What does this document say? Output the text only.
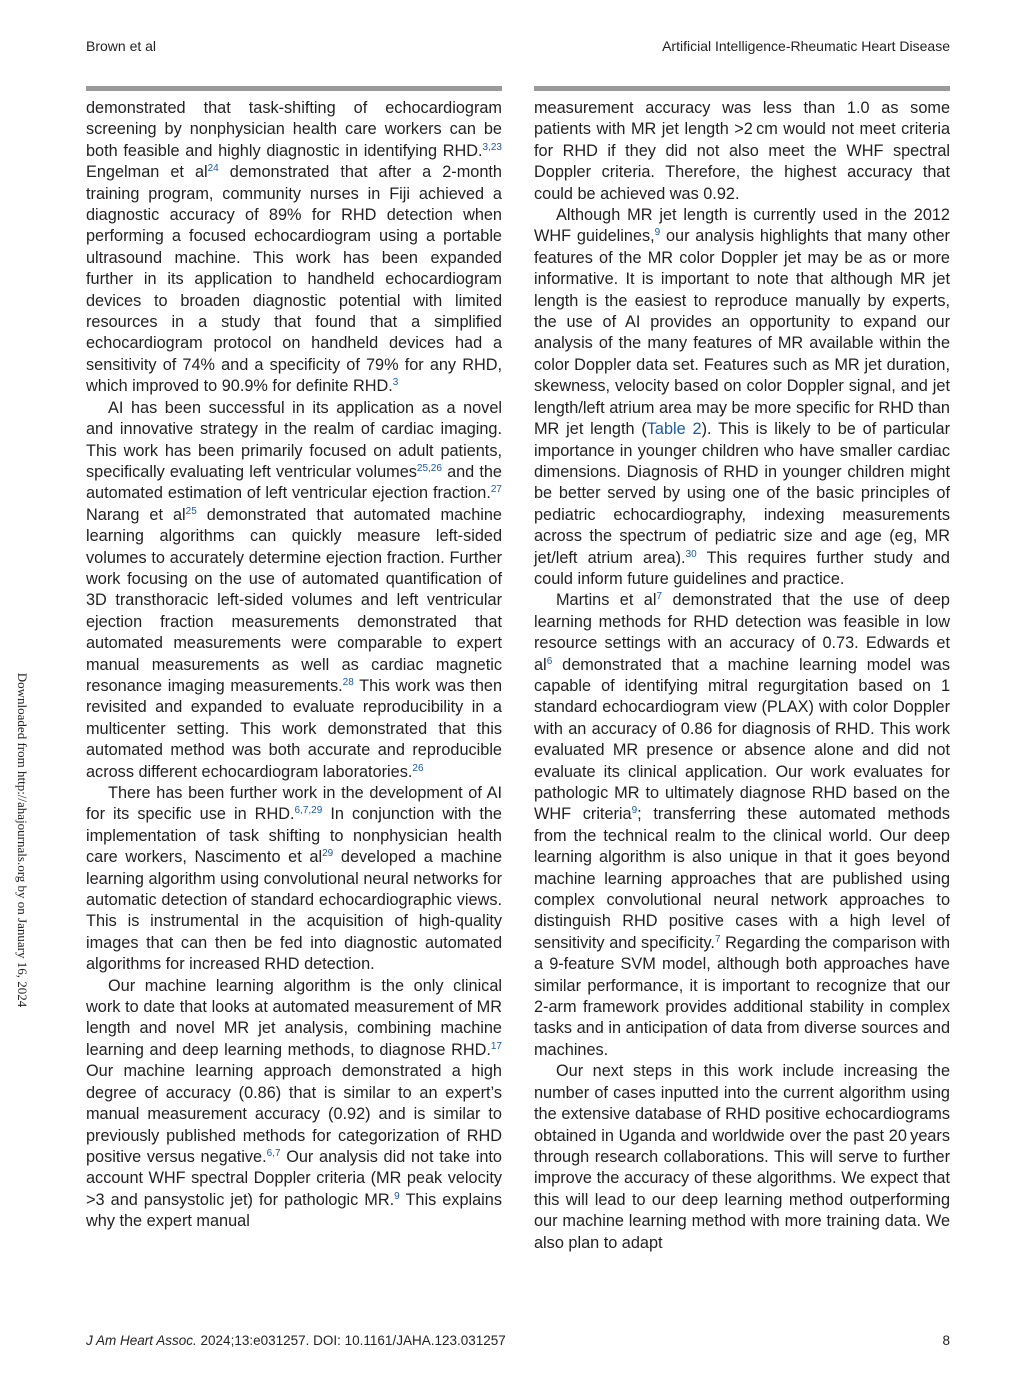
Brown et al	Artificial Intelligence-Rheumatic Heart Disease
Downloaded from http://ahajournals.org by on January 16, 2024

demonstrated that task-shifting of echocardiogram screening by nonphysician health care workers can be both feasible and highly diagnostic in identifying RHD.$^{3,23}$ Engelman et $al^{24}$ demonstrated that after a 2-month training program, community nurses in Fiji achieved a diagnostic accuracy of 89% for RHD detection when performing a focused echocardiogram using a portable ultrasound machine. This work has been expanded further in its application to handheld echocardiogram devices to broaden diagnostic potential with limited resources in a study that found that a simplified echocardiogram protocol on handheld devices had a sensitivity of 74% and a specificity of 79% for any RHD, which improved to 90.9% for definite RHD.$^3$

AI has been successful in its application as a novel and innovative strategy in the realm of cardiac imaging. This work has been primarily focused on adult patients, specifically evaluating left ventricular volumes$^{25,26}$ and the automated estimation of left ventricular ejection fraction.$^{27}$ Narang et $al^{25}$ demonstrated that automated machine learning algorithms can quickly measure left-sided volumes to accurately determine ejection fraction. Further work focusing on the use of automated quantification of 3D transthoracic left-sided volumes and left ventricular ejection fraction measurements demonstrated that automated measurements were comparable to expert manual measurements as well as cardiac magnetic resonance imaging measurements.$^{28}$ This work was then revisited and expanded to evaluate reproducibility in a multicenter setting. This work demonstrated that this automated method was both accurate and reproducible across different echocardiogram laboratories.$^{26}$

There has been further work in the development of AI for its specific use in RHD.$^{6,7,29}$ In conjunction with the implementation of task shifting to nonphysician health care workers, Nascimento et $al^{29}$ developed a machine learning algorithm using convolutional neural networks for automatic detection of standard echocardiographic views. This is instrumental in the acquisition of high-quality images that can then be fed into diagnostic automated algorithms for increased RHD detection.

Our machine learning algorithm is the only clinical work to date that looks at automated measurement of MR length and novel MR jet analysis, combining machine learning and deep learning methods, to diagnose RHD.$^{17}$ Our machine learning approach demonstrated a high degree of accuracy (0.86) that is similar to an expert’s manual measurement accuracy (0.92) and is similar to previously published methods for categorization of RHD positive versus negative.$^{6,7}$ Our analysis did not take into account WHF spectral Doppler criteria (MR peak velocity >3 and pansystolic jet) for pathologic MR.$^9$ This explains why the expert manual

measurement accuracy was less than 1.0 as some patients with MR jet length >2 cm would not meet criteria for RHD if they did not also meet the WHF spectral Doppler criteria. Therefore, the highest accuracy that could be achieved was 0.92.

Although MR jet length is currently used in the 2012 WHF guidelines,$^9$ our analysis highlights that many other features of the MR color Doppler jet may be as or more informative. It is important to note that although MR jet length is the easiest to reproduce manually by experts, the use of AI provides an opportunity to expand our analysis of the many features of MR available within the color Doppler data set. Features such as MR jet duration, skewness, velocity based on color Doppler signal, and jet length/left atrium area may be more specific for RHD than MR jet length (Table 2). This is likely to be of particular importance in younger children who have smaller cardiac dimensions. Diagnosis of RHD in younger children might be better served by using one of the basic principles of pediatric echocardiography, indexing measurements across the spectrum of pediatric size and age (eg, MR jet/left atrium area).$^{30}$ This requires further study and could inform future guidelines and practice.

Martins et $al^7$ demonstrated that the use of deep learning methods for RHD detection was feasible in low resource settings with an accuracy of 0.73. Edwards et $al^6$ demonstrated that a machine learning model was capable of identifying mitral regurgitation based on 1 standard echocardiogram view (PLAX) with color Doppler with an accuracy of 0.86 for diagnosis of RHD. This work evaluated MR presence or absence alone and did not evaluate its clinical application. Our work evaluates for pathologic MR to ultimately diagnose RHD based on the WHF criteria$^9$; transferring these automated methods from the technical realm to the clinical world. Our deep learning algorithm is also unique in that it goes beyond machine learning approaches that are published using complex convolutional neural network approaches to distinguish RHD positive cases with a high level of sensitivity and specificity.$^7$ Regarding the comparison with a 9-feature SVM model, although both approaches have similar performance, it is important to recognize that our 2-arm framework provides additional stability in complex tasks and in anticipation of data from diverse sources and machines.

Our next steps in this work include increasing the number of cases inputted into the current algorithm using the extensive database of RHD positive echocardiograms obtained in Uganda and worldwide over the past 20 years through research collaborations. This will serve to further improve the accuracy of these algorithms. We expect that this will lead to our deep learning method outperforming our machine learning method with more training data. We also plan to adapt

J Am Heart Assoc. 2024;13:e031257. DOI: 10.1161/JAHA.123.031257	8
